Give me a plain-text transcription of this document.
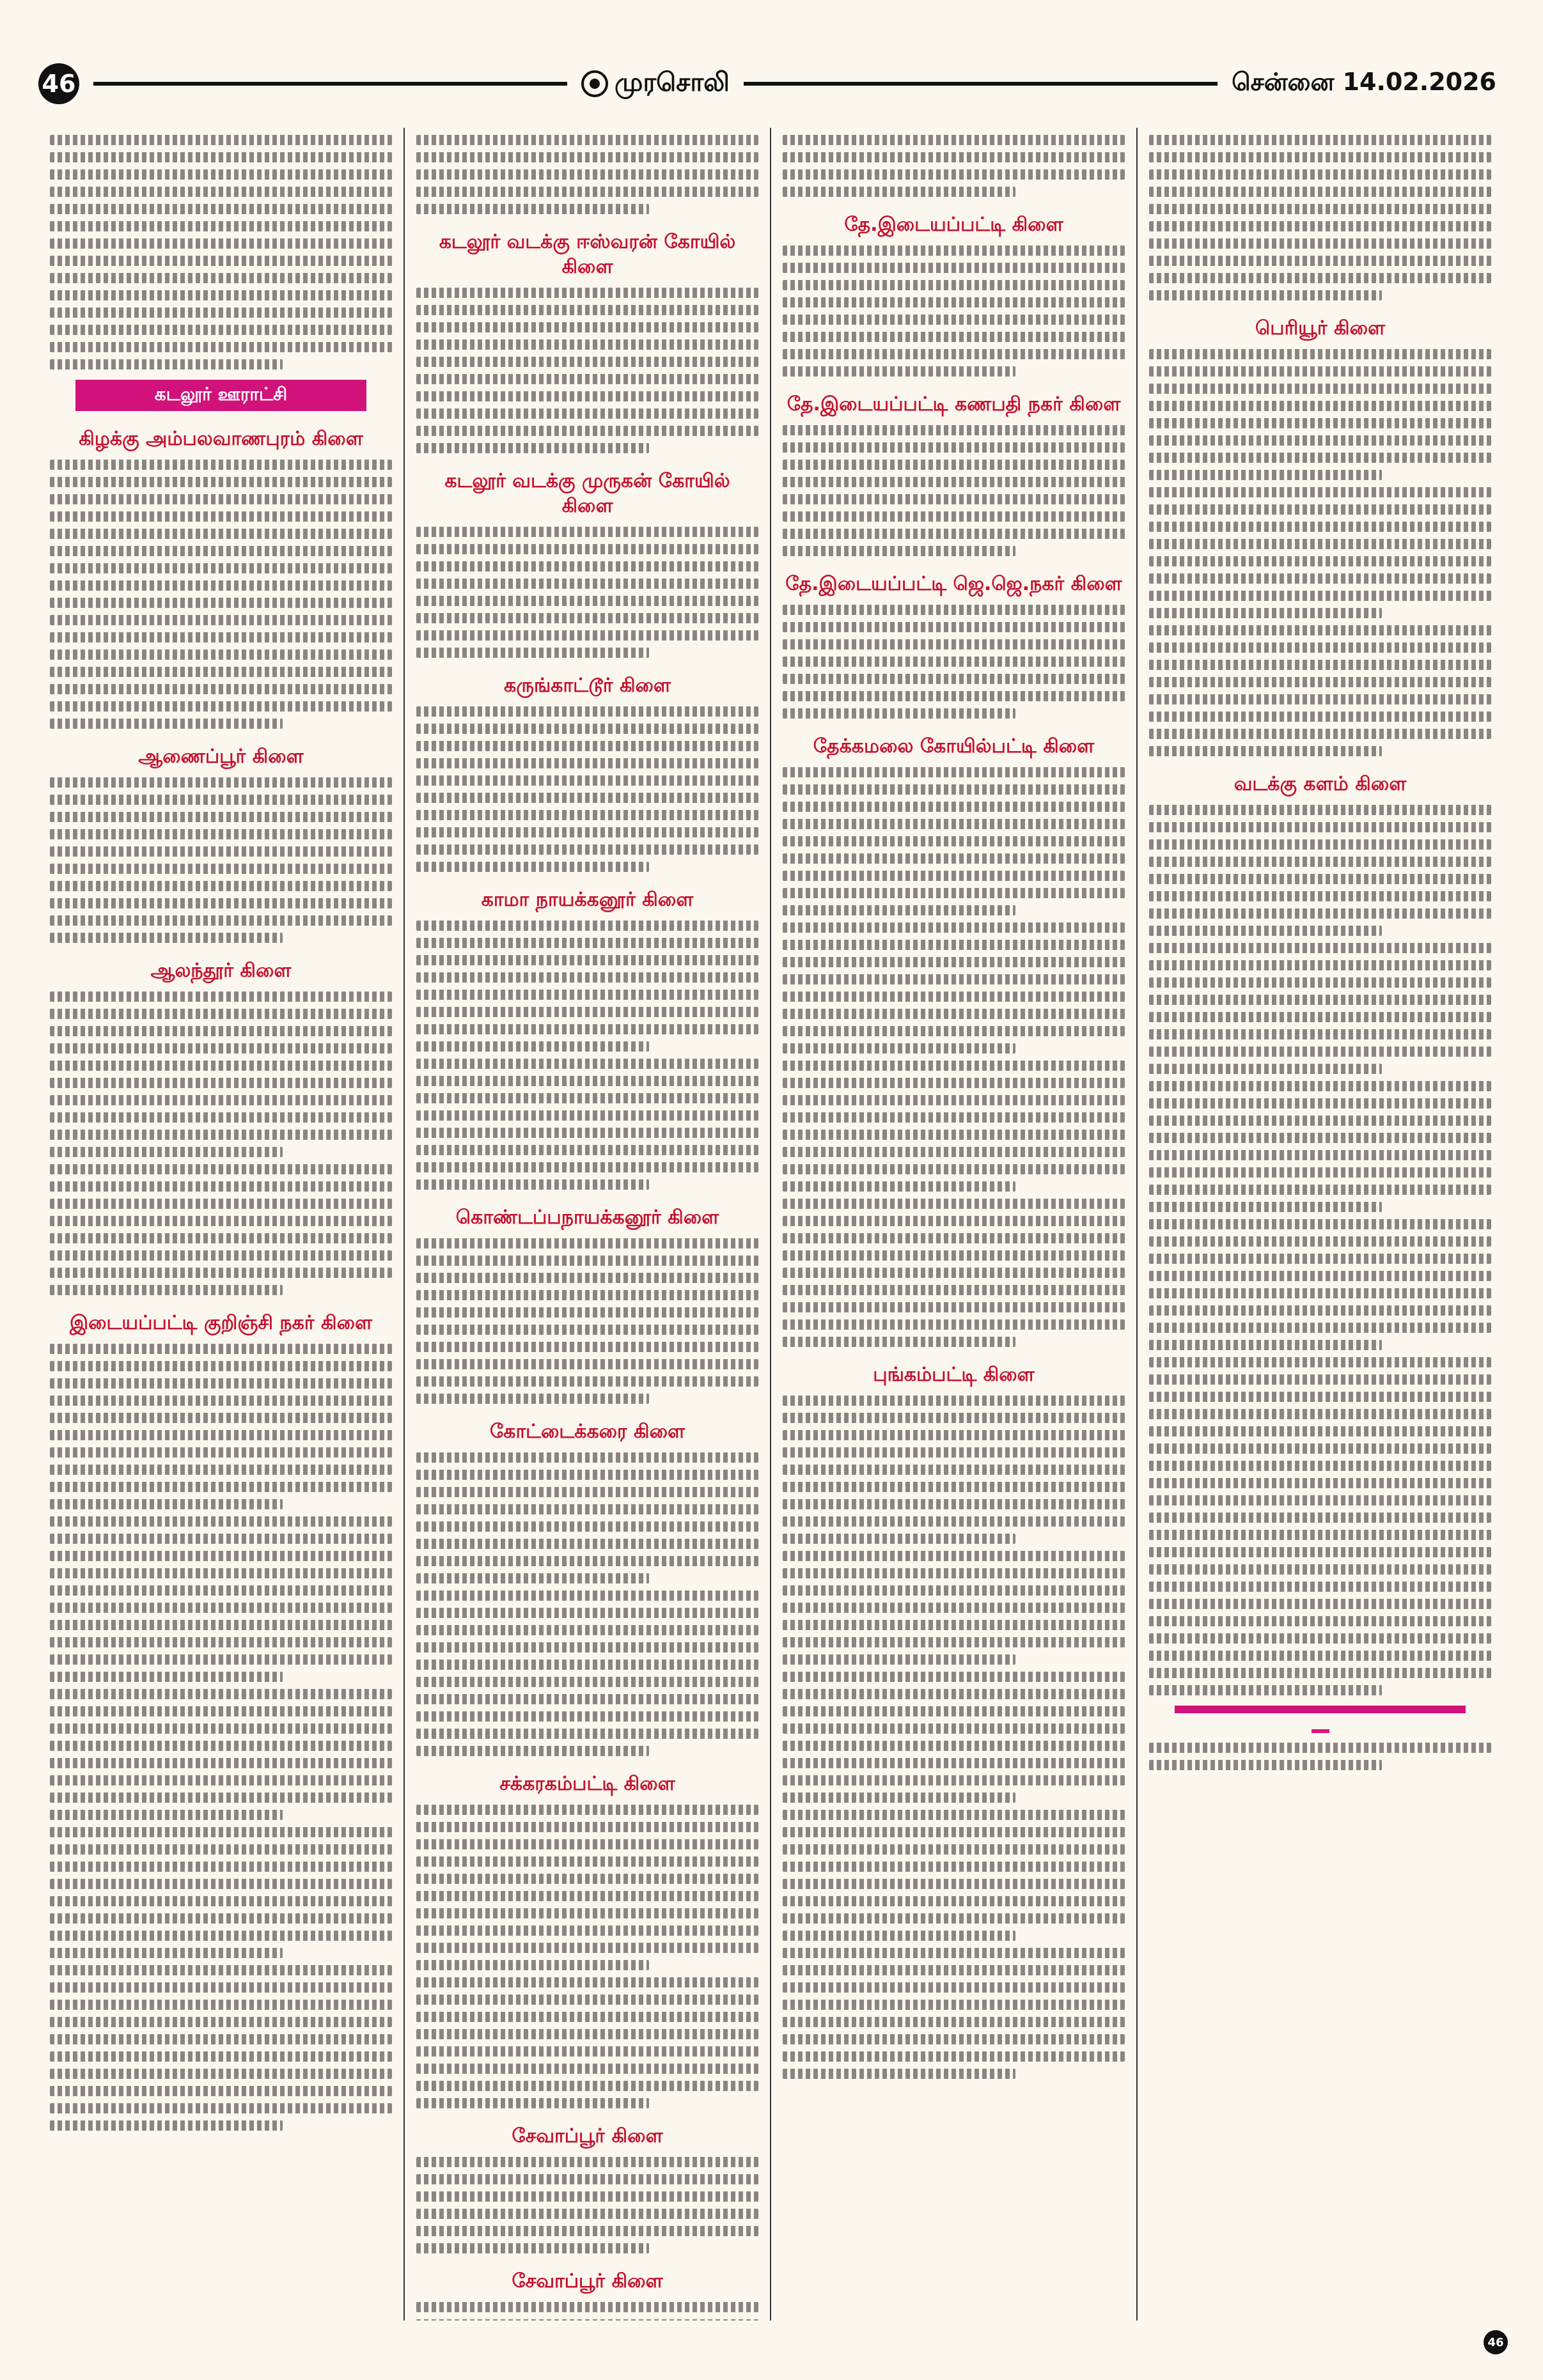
46	முரசொலி	சென்னை 14.02.2026
கடலூர் ஊராட்சி
கிழக்கு அம்பலவாணபுரம் கிளை
ஆணைப்பூர் கிளை
ஆலந்தூர் கிளை
இடையப்பட்டி குறிஞ்சி நகர் கிளை
கடலூர் வடக்கு ஈஸ்வரன் கோயில் கிளை
கடலூர் வடக்கு முருகன் கோயில் கிளை
கருங்காட்டூர் கிளை
காமா நாயக்கனூர் கிளை
கொண்டப்பநாயக்கனூர் கிளை
கோட்டைக்கரை கிளை
சக்கரகம்பட்டி கிளை
சேவாப்பூர் கிளை
சேவாப்பூர் கிளை
தே.இடையப்பட்டி கிளை
தே.இடையப்பட்டி கணபதி நகர் கிளை
தே.இடையப்பட்டி ஜெ.ஜெ.நகர் கிளை
தேக்கமலை கோயில்பட்டி கிளை
புங்கம்பட்டி கிளை
பெரியூர் கிளை
வடக்கு களம் கிளை
46
